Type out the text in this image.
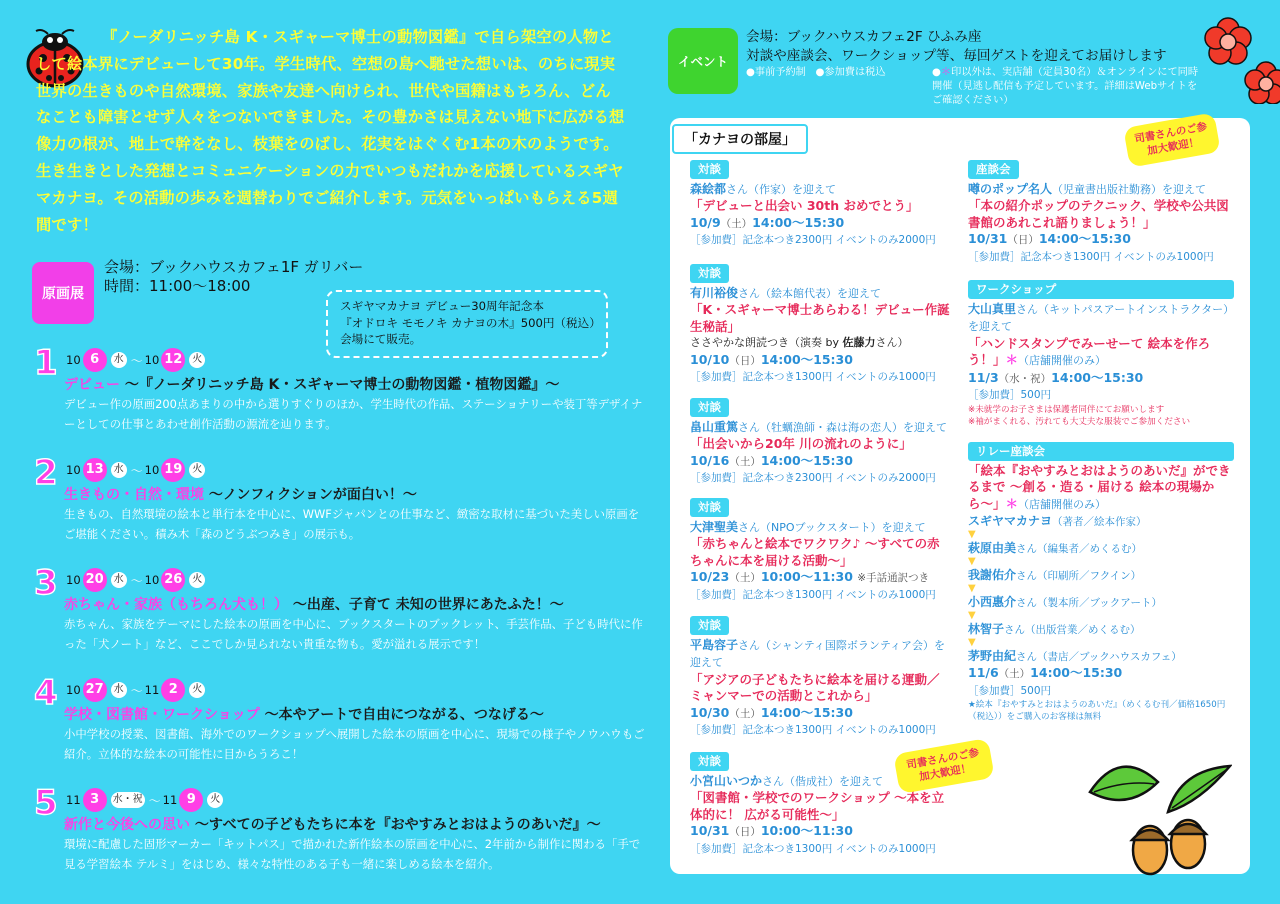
『ノーダリニッチ島 K・スギャーマ博士の動物図鑑』で自ら架空の人物として絵本界にデビューして30年。学生時代、空想の島へ馳せた想いは、のちに現実世界の生きものや自然環境、家族や友達へ向けられ、世代や国籍はもちろん、どんなことも障害とせず人々をつないできました。その豊かさは見えない地下に広がる想像力の根が、地上で幹をなし、枝葉をのばし、花実をはぐくむ1本の木のようです。生き生きとした発想とコミュニケーションの力でいつもだれかを応援しているスギヤマカナヨ。その活動の歩みを週替わりでご紹介します。元気をいっぱいもらえる5週間です！

原画展
会場：ブックハウスカフェ1F ガリバー
時間：11:00〜18:00
スギヤマカナヨ デビュー30周年記念本
『オドロキ モモノキ カナヨの木』500円（税込）
会場にて販売。
1 10 6	水 〜 10 12 火
デビュー 〜『ノーダリニッチ島 K・スギャーマ博士の動物図鑑・植物図鑑』〜
デビュー作の原画200点あまりの中から選りすぐりのほか、学生時代の作品、ステーショナリーや装丁等デザイナーとしての仕事とあわせ創作活動の源流を辿ります。
2 10 13 水 〜 10 19 火
生きもの・自然・環境 〜ノンフィクションが面白い！〜
生きもの、自然環境の絵本と単行本を中心に、WWFジャパンとの仕事など、緻密な取材に基づいた美しい原画をご堪能ください。積み木「森のどうぶつみき」の展示も。
3 10 20 水 〜 10 26 火
赤ちゃん・家族（もちろん犬も！） 〜出産、子育て 未知の世界にあたふた！〜
赤ちゃん、家族をテーマにした絵本の原画を中心に、ブックスタートのブックレット、手芸作品、子ども時代に作った「犬ノート」など、ここでしか見られない貴重な物も。愛が溢れる展示です！
4 10 27 水 〜 11 2	火
学校・図書館・ワークショップ 〜本やアートで自由につながる、つなげる〜
小中学校の授業、図書館、海外でのワークショップへ展開した絵本の原画を中心に、現場での様子やノウハウもご紹介。立体的な絵本の可能性に目からうろこ！
5 11 3	水・祝 〜 11 9	火
新作と今後への思い 〜すべての子どもたちに本を『おやすみとおはようのあいだ』〜
環境に配慮した固形マーカー「キットパス」で描かれた新作絵本の原画を中心に、2年前から制作に関わる「手で見る学習絵本 テルミ」をはじめ、様々な特性のある子も一緒に楽しめる絵本を紹介。
イベント
会場：ブックハウスカフェ2F ひふみ座
対談や座談会、ワークショップ等、毎回ゲストを迎えてお届けします
●事前予約制 ●参加費は税込	●＊印以外は、実店舗（定員30名）＆オンラインにて同時開催（見逃し配信も予定しています。詳細はWebサイトをご確認ください）
「カナヨの部屋」
対談
森絵都さん（作家）を迎えて
「デビューと出会い 30th おめでとう」
10/9（土）14:00〜15:30
［参加費］記念本つき2300円 イベントのみ2000円
対談
有川裕俊さん（絵本館代表）を迎えて
「K・スギャーマ博士あらわる！デビュー作誕生秘話」
ささやかな朗読つき（演奏 by 佐藤力さん）
10/10（日）14:00〜15:30
［参加費］記念本つき1300円 イベントのみ1000円
対談
畠山重篤さん（牡蠣漁師・森は海の恋人）を迎えて
「出会いから20年 川の流れのように」
10/16（土）14:00〜15:30
［参加費］記念本つき2300円 イベントのみ2000円
対談
大津聖美さん（NPOブックスタート）を迎えて
「赤ちゃんと絵本でワクワク♪ 〜すべての赤ちゃんに本を届ける活動〜」
10/23（土）10:00〜11:30 ※手話通訳つき
［参加費］記念本つき1300円 イベントのみ1000円
対談
平島容子さん（シャンティ国際ボランティア会）を迎えて
「アジアの子どもたちに絵本を届ける運動／ミャンマーでの活動とこれから」
10/30（土）14:00〜15:30
［参加費］記念本つき1300円 イベントのみ1000円
対談
小宮山いつかさん（偕成社）を迎えて
「図書館・学校でのワークショップ 〜本を立体的に！ 広がる可能性〜」
10/31（日）10:00〜11:30
［参加費］記念本つき1300円 イベントのみ1000円
座談会
噂のポップ名人（児童書出版社勤務）を迎えて
「本の紹介ポップのテクニック、学校や公共図書館のあれこれ語りましょう！」
10/31（日）14:00〜15:30
［参加費］記念本つき1300円 イベントのみ1000円
ワークショップ
大山真里さん（キットパスアートインストラクター）を迎えて
「ハンドスタンプでみーせーて 絵本を作ろう！」＊（店舗開催のみ）
11/3（水・祝）14:00〜15:30
［参加費］500円
※未就学のお子さまは保護者同伴にてお願いします
※袖がまくれる、汚れても大丈夫な服装でご参加ください
リレー座談会
「絵本『おやすみとおはようのあいだ』ができるまで 〜創る・造る・届ける 絵本の現場から〜」＊（店舗開催のみ）
スギヤマカナヨ（著者／絵本作家）
▼
萩原由美さん（編集者／めくるむ）
▼
我謝佑介さん（印刷所／フクイン）
▼
小西惠介さん（製本所／ブックアート）
▼
林智子さん（出版営業／めくるむ）
▼
茅野由紀さん（書店／ブックハウスカフェ）
11/6（土）14:00〜15:30
［参加費］500円
★絵本『おやすみとおはようのあいだ』（めくるむ刊／価格1650円（税込））をご購入のお客様は無料
司書さんのご参加大歓迎！
司書さんのご参加大歓迎！
